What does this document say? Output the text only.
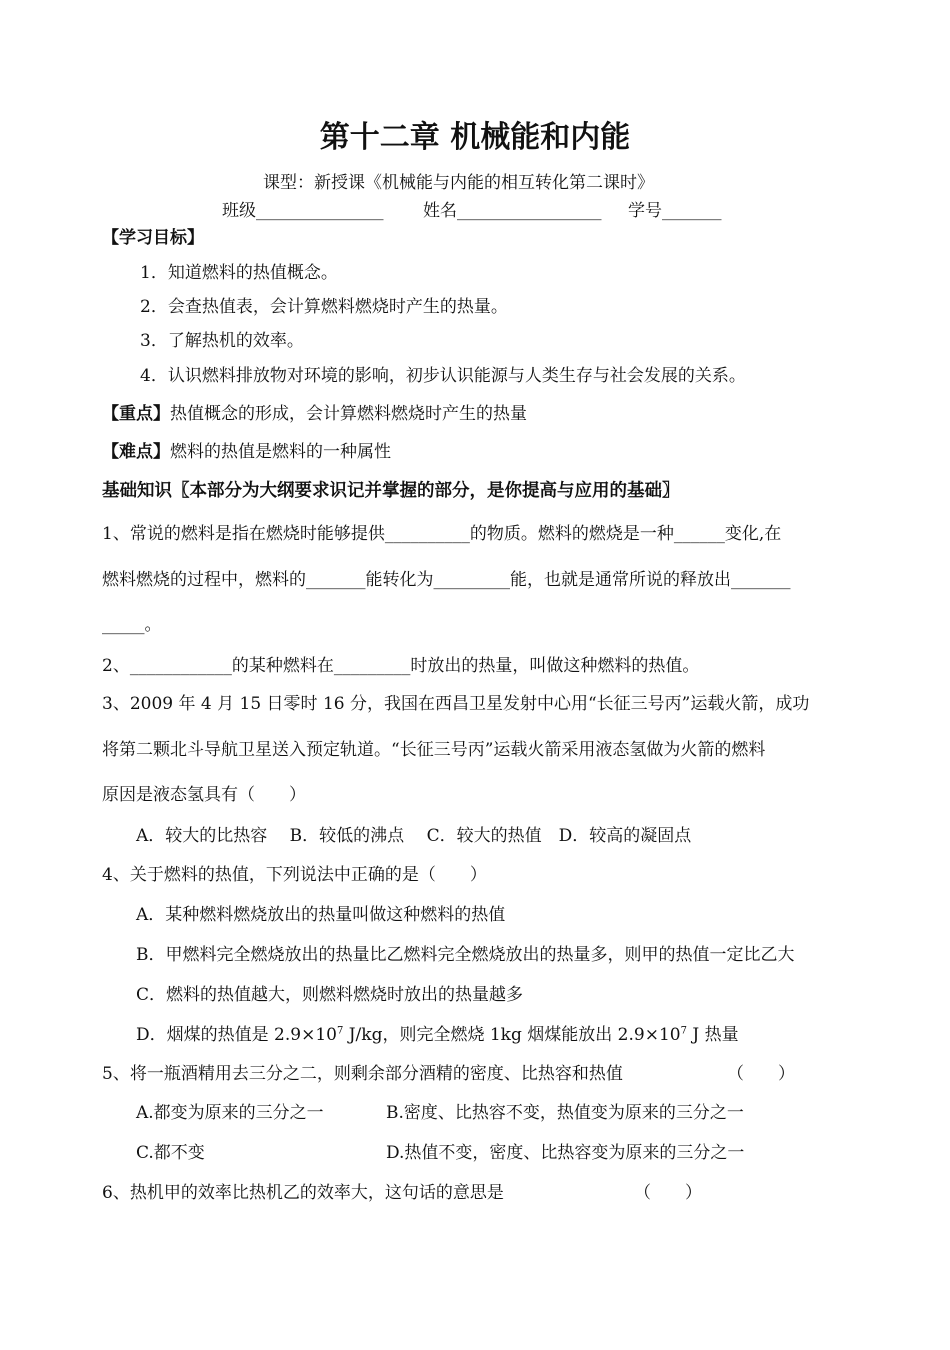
第十二章 机械能和内能
课型：新授课《机械能与内能的相互转化第二课时》
班级_______________ 姓名_________________ 学号_______
【学习目标】
1．知道燃料的热值概念。
2．会查热值表，会计算燃料燃烧时产生的热量。
3．了解热机的效率。
4．认识燃料排放物对环境的影响，初步认识能源与人类生存与社会发展的关系。
【重点】热值概念的形成，会计算燃料燃烧时产生的热量
【难点】燃料的热值是燃料的一种属性
基础知识〖本部分为大纲要求识记并掌握的部分，是你提高与应用的基础〗
1、常说的燃料是指在燃烧时能够提供__________的物质。燃料的燃烧是一种______变化,在
燃料燃烧的过程中，燃料的_______能转化为_________能，也就是通常所说的释放出_______
_____。
2、____________的某种燃料在_________时放出的热量，叫做这种燃料的热值。
3、2009 年 4 月 15 日零时 16 分，我国在西昌卫星发射中心用“长征三号丙”运载火箭，成功
将第二颗北斗导航卫星送入预定轨道。“长征三号丙”运载火箭采用液态氢做为火箭的燃料
原因是液态氢具有（　　）
A．较大的比热容　 B．较低的沸点　 C．较大的热值　D．较高的凝固点
4、关于燃料的热值，下列说法中正确的是（　　）
A．某种燃料燃烧放出的热量叫做这种燃料的热值
B．甲燃料完全燃烧放出的热量比乙燃料完全燃烧放出的热量多，则甲的热值一定比乙大
C．燃料的热值越大，则燃料燃烧时放出的热量越多
D．烟煤的热值是 $2.9\times 10^7$ J/kg，则完全燃烧 1kg 烟煤能放出 $2.9\times 10^7$ J 热量
5、将一瓶酒精用去三分之二，则剩余部分酒精的密度、比热容和热值	（　　）
A.都变为原来的三分之一	B.密度、比热容不变，热值变为原来的三分之一
C.都不变	D.热值不变，密度、比热容变为原来的三分之一
6、热机甲的效率比热机乙的效率大，这句话的意思是	（　　）
